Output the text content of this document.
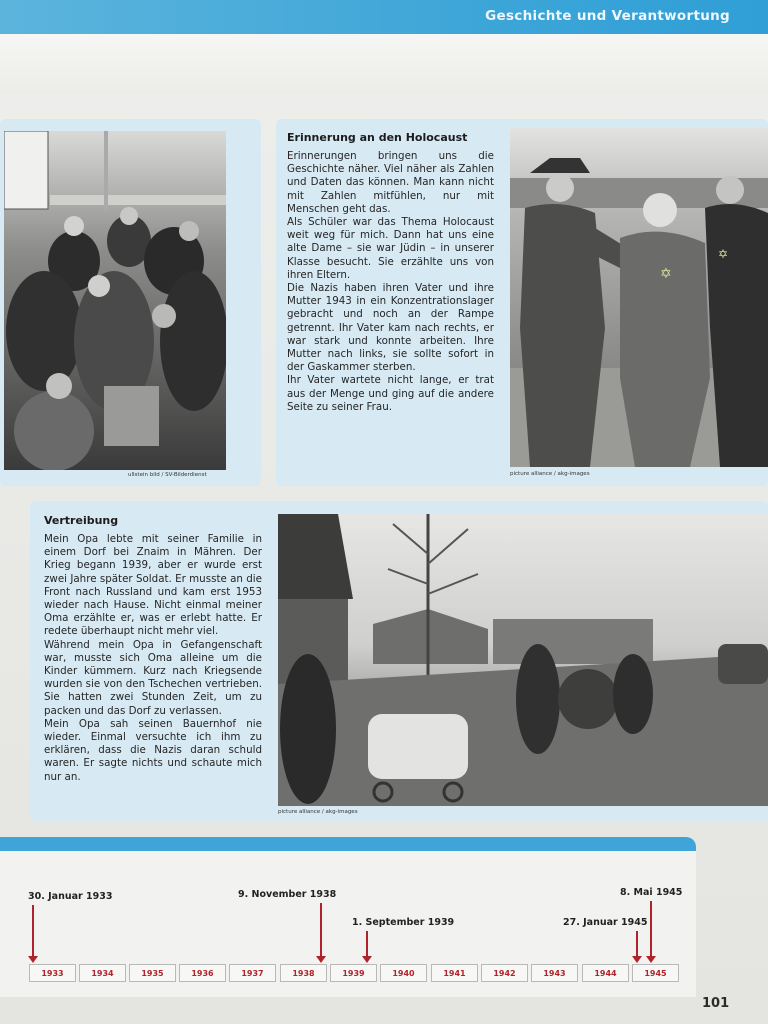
Geschichte und Verantwortung
ullstein bild / SV-Bilderdienst
Erinnerung an den Holocaust

Erinnerungen bringen uns die Geschichte näher. Viel näher als Zahlen und Daten das können. Man kann nicht mit Zahlen mitfühlen, nur mit Menschen geht das.

Als Schüler war das Thema Holocaust weit weg für mich. Dann hat uns eine alte Dame – sie war Jüdin – in unserer Klasse besucht. Sie erzählte uns von ihren Eltern.

Die Nazis haben ihren Vater und ihre Mutter 1943 in ein Konzentrationslager gebracht und noch an der Rampe getrennt. Ihr Vater kam nach rechts, er war stark und konnte arbeiten. Ihre Mutter nach links, sie sollte sofort in der Gaskammer sterben.

Ihr Vater wartete nicht lange, er trat aus der Menge und ging auf die andere Seite zu seiner Frau.

✡
✡
picture alliance / akg-images
Vertreibung

Mein Opa lebte mit seiner Familie in einem Dorf bei Znaim in Mähren. Der Krieg begann 1939, aber er wurde erst zwei Jahre später Soldat. Er musste an die Front nach Russland und kam erst 1953 wieder nach Hause. Nicht einmal meiner Oma erzählte er, was er erlebt hatte. Er redete überhaupt nicht mehr viel.

Während mein Opa in Gefangenschaft war, musste sich Oma alleine um die Kinder kümmern. Kurz nach Kriegsende wurden sie von den Tschechen vertrieben. Sie hatten zwei Stunden Zeit, um zu packen und das Dorf zu verlassen.

Mein Opa sah seinen Bauernhof nie wieder. Einmal versuchte ich ihm zu erklären, dass die Nazis daran schuld waren. Er sagte nichts und schaute mich nur an.

picture alliance / akg-images
30. Januar 1933	9. November 1938
1. September 1939	27. Januar 1945
8. Mai 1945
1933	1934	1935	1936	1937	1938	1939	1940	1941	1942	1943	1944	1945
101
